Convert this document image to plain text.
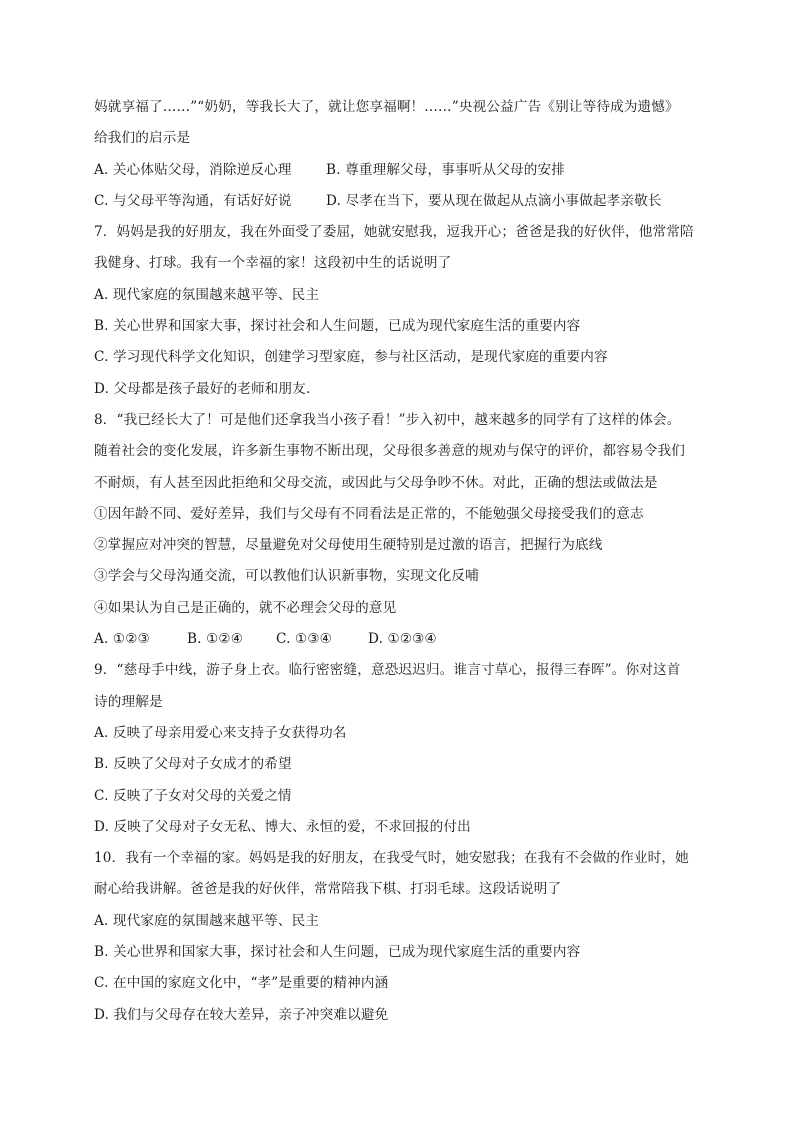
妈就享福了……”“奶奶，等我长大了，就让您享福啊！……”央视公益广告《别让等待成为遗憾》
给我们的启示是
A. 关心体贴父母，消除逆反心理	B. 尊重理解父母，事事听从父母的安排
C. 与父母平等沟通，有话好好说	D. 尽孝在当下，要从现在做起从点滴小事做起孝亲敬长
7．妈妈是我的好朋友，我在外面受了委屈，她就安慰我，逗我开心；爸爸是我的好伙伴，他常常陪
我健身、打球。我有一个幸福的家！这段初中生的话说明了
A. 现代家庭的氛围越来越平等、民主
B. 关心世界和国家大事，探讨社会和人生问题，已成为现代家庭生活的重要内容
C. 学习现代科学文化知识，创建学习型家庭，参与社区活动，是现代家庭的重要内容
D. 父母都是孩子最好的老师和朋友.
8．“我已经长大了！可是他们还拿我当小孩子看！”步入初中，越来越多的同学有了这样的体会。
随着社会的变化发展，许多新生事物不断出现，父母很多善意的规劝与保守的评价，都容易令我们
不耐烦，有人甚至因此拒绝和父母交流，或因此与父母争吵不休。对此，正确的想法或做法是
①因年龄不同、爱好差异，我们与父母有不同看法是正常的，不能勉强父母接受我们的意志
②掌握应对冲突的智慧，尽量避免对父母使用生硬特别是过激的语言，把握行为底线
③学会与父母沟通交流，可以教他们认识新事物，实现文化反哺
④如果认为自己是正确的，就不必理会父母的意见
A. ①②③	B. ①②④ C. ①③④	D. ①②③④
9．“慈母手中线，游子身上衣。临行密密缝，意恐迟迟归。谁言寸草心，报得三春晖”。你对这首
诗的理解是
A. 反映了母亲用爱心来支持子女获得功名
B. 反映了父母对子女成才的希望
C. 反映了子女对父母的关爱之情
D. 反映了父母对子女无私、博大、永恒的爱，不求回报的付出
10．我有一个幸福的家。妈妈是我的好朋友，在我受气时，她安慰我；在我有不会做的作业时，她
耐心给我讲解。爸爸是我的好伙伴，常常陪我下棋、打羽毛球。这段话说明了
A. 现代家庭的氛围越来越平等、民主
B. 关心世界和国家大事，探讨社会和人生问题，已成为现代家庭生活的重要内容
C. 在中国的家庭文化中，“孝”是重要的精神内涵
D. 我们与父母存在较大差异，亲子冲突难以避免
